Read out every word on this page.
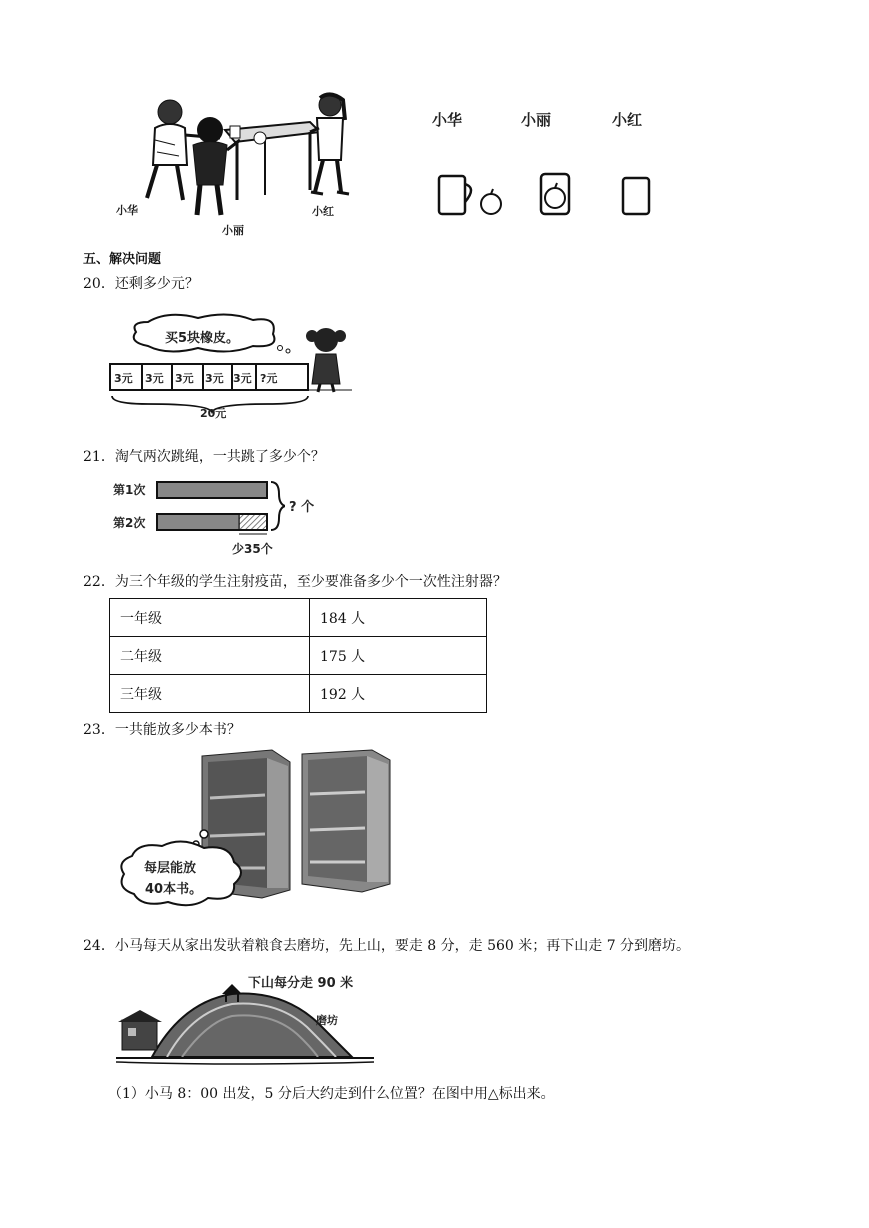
小华
小丽
小红
小华	小丽	小红
五、解决问题
20．还剩多少元？
买5块橡皮。
3元 3元 3元 3元 3元 ?元
20元
21．淘气两次跳绳，一共跳了多少个？
第1次
第2次
? 个
少35个
22．为三个年级的学生注射疫苗，至少要准备多少个一次性注射器？
一年级	184 人
二年级	175 人
三年级	192 人
23．一共能放多少本书？
每层能放
40本书。
24．小马每天从家出发驮着粮食去磨坊，先上山，要走 8 分，走 560 米；再下山走 7 分到磨坊。
下山每分走 90 米
磨坊
（1）小马 8：00 出发，5 分后大约走到什么位置？在图中用△标出来。
